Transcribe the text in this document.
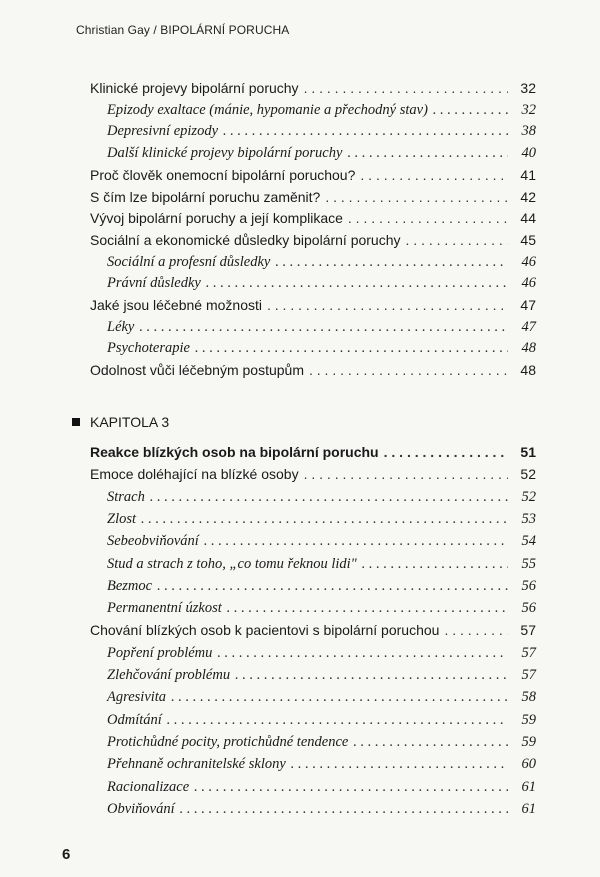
Christian Gay / BIPOLÁRNÍ PORUCHA
Klinické projevy bipolární poruchy . . .	32
Epizody exaltace (mánie, hypomanie a přechodný stav) . . .	32
Depresivní epizody . . .	38
Další klinické projevy bipolární poruchy . . .	40
Proč člověk onemocní bipolární poruchou? . . .	41
S čím lze bipolární poruchu zaměnit? . . .	42
Vývoj bipolární poruchy a její komplikace . . .	44
Sociální a ekonomické důsledky bipolární poruchy . . .	45
Sociální a profesní důsledky . . .	46
Právní důsledky . . .	46
Jaké jsou léčebné možnosti . . .	47
Léky . . .	47
Psychoterapie . . .	48
Odolnost vůči léčebným postupům . . .	48
Reakce blízkých osob na bipolární poruchu . . .	51
Emoce doléhající na blízké osoby . . .	52
Strach . . .	52
Zlost . . .	53
Sebeobviňování . . .	54
Stud a strach z toho, „co tomu řeknou lidi" . . .	55
Bezmoc . . .	56
Permanentní úzkost . . .	56
Chování blízkých osob k pacientovi s bipolární poruchou . . .	57
Popření problému . . .	57
Zlehčování problému . . .	57
Agresivita . . .	58
Odmítání . . .	59
Protichůdné pocity, protichůdné tendence . . .	59
Přehnaně ochranitelské sklony . . .	60
Racionalizace . . .	61
Obviňování . . .	61
KAPITOLA 3
6
